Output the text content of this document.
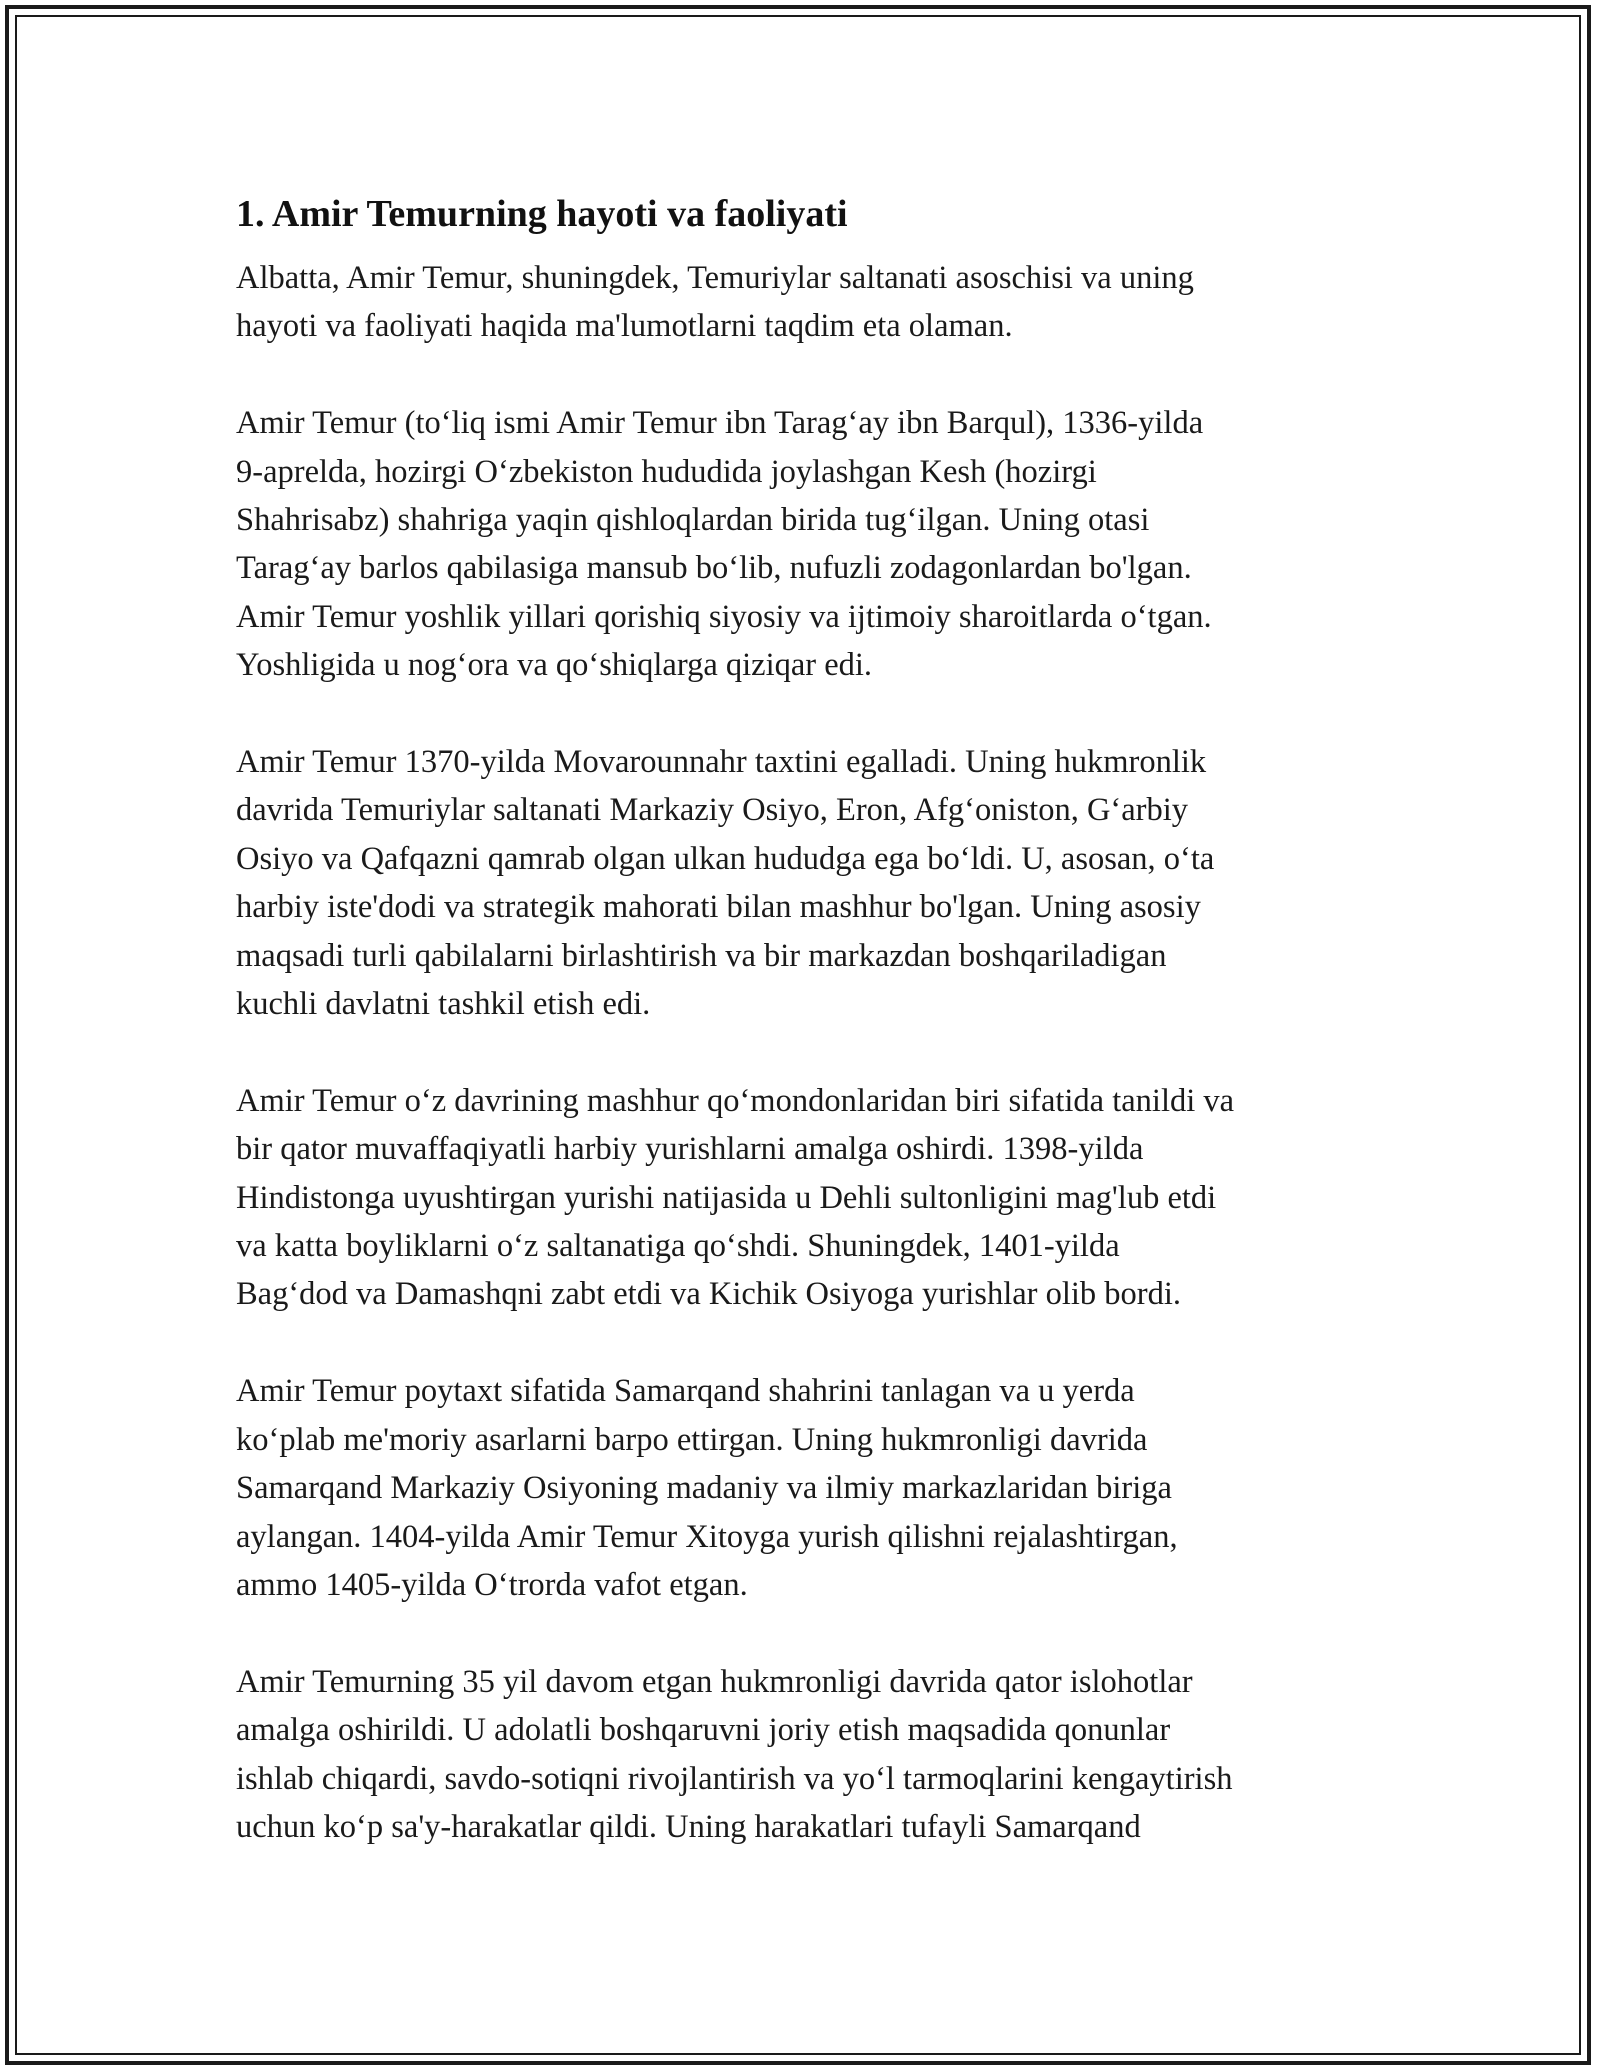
1. Amir Temurning hayoti va faoliyati

Albatta, Amir Temur, shuningdek, Temuriylar saltanati asoschisi va uning
hayoti va faoliyati haqida ma'lumotlarni taqdim eta olaman.

Amir Temur (toʻliq ismi Amir Temur ibn Taragʻay ibn Barqul), 1336-yilda
9-aprelda, hozirgi Oʻzbekiston hududida joylashgan Kesh (hozirgi
Shahrisabz) shahriga yaqin qishloqlardan birida tugʻilgan. Uning otasi
Taragʻay barlos qabilasiga mansub boʻlib, nufuzli zodagonlardan bo'lgan.
Amir Temur yoshlik yillari qorishiq siyosiy va ijtimoiy sharoitlarda oʻtgan.
Yoshligida u nogʻora va qoʻshiqlarga qiziqar edi.

Amir Temur 1370-yilda Movarounnahr taxtini egalladi. Uning hukmronlik
davrida Temuriylar saltanati Markaziy Osiyo, Eron, Afgʻoniston, Gʻarbiy
Osiyo va Qafqazni qamrab olgan ulkan hududga ega boʻldi. U, asosan, oʻta
harbiy iste'dodi va strategik mahorati bilan mashhur bo'lgan. Uning asosiy
maqsadi turli qabilalarni birlashtirish va bir markazdan boshqariladigan
kuchli davlatni tashkil etish edi.

Amir Temur oʻz davrining mashhur qoʻmondonlaridan biri sifatida tanildi va
bir qator muvaffaqiyatli harbiy yurishlarni amalga oshirdi. 1398-yilda
Hindistonga uyushtirgan yurishi natijasida u Dehli sultonligini mag'lub etdi
va katta boyliklarni oʻz saltanatiga qoʻshdi. Shuningdek, 1401-yilda
Bagʻdod va Damashqni zabt etdi va Kichik Osiyoga yurishlar olib bordi.

Amir Temur poytaxt sifatida Samarqand shahrini tanlagan va u yerda
koʻplab me'moriy asarlarni barpo ettirgan. Uning hukmronligi davrida
Samarqand Markaziy Osiyoning madaniy va ilmiy markazlaridan biriga
aylangan. 1404-yilda Amir Temur Xitoyga yurish qilishni rejalashtirgan,
ammo 1405-yilda Oʻtrorda vafot etgan.

Amir Temurning 35 yil davom etgan hukmronligi davrida qator islohotlar
amalga oshirildi. U adolatli boshqaruvni joriy etish maqsadida qonunlar
ishlab chiqardi, savdo-sotiqni rivojlantirish va yoʻl tarmoqlarini kengaytirish
uchun koʻp sa'y-harakatlar qildi. Uning harakatlari tufayli Samarqand
